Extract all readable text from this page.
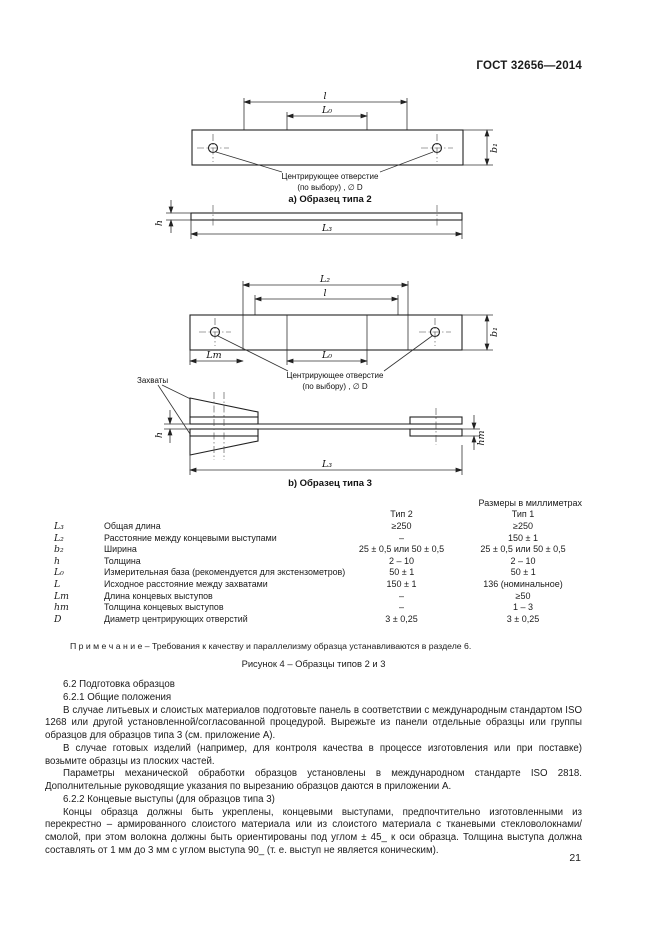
ГОСТ 32656—2014
l
L₀
b₁
Центрирующее отверстие
(по выбору) , ∅ D
а) Образец типа 2
h	L₃
L₂
l
Lт	L₀
b₁
Центрирующее отверстие
(по выбору) , ∅ D
Захваты
h	hт
L₃
b) Образец типа 3
Размеры в миллиметрах
Тип 2	Тип 1
L₃	Общая длина	≥250	≥250
L₂	Расстояние между концевыми выступами	–	150 ± 1
b₂	Ширина	25 ± 0,5 или 50 ± 0,5	25 ± 0,5 или 50 ± 0,5
h	Толщина	2 – 10	2 – 10
L₀	Измерительная база (рекомендуется для экстензометров)	50 ± 1	50 ± 1
L	Исходное расстояние между захватами	150 ± 1	136 (номинальное)
Lт	Длина концевых выступов	–	≥50
hт	Толщина концевых выступов	–	1 – 3
D	Диаметр центрирующих отверстий	3 ± 0,25	3 ± 0,25
П р и м е ч а н и е – Требования к качеству и параллелизму образца устанавливаются в разделе 6.
Рисунок 4 – Образцы типов 2 и 3

6.2 Подготовка образцов

6.2.1 Общие положения

В случае литьевых и слоистых материалов подготовьте панель в соответствии с международным стандартом ISO 1268 или другой установленной/согласованной процедурой. Вырежьте из панели отдельные образцы или группы образцов для образцов типа 3 (см. приложение А).

В случае готовых изделий (например, для контроля качества в процессе изготовления или при поставке) возьмите образцы из плоских частей.

Параметры механической обработки образцов установлены в международном стандарте ISO 2818. Дополнительные руководящие указания по вырезанию образцов даются в приложении А.

6.2.2 Концевые выступы (для образцов типа 3)

Концы образца должны быть укреплены, концевыми выступами, предпочтительно изготовленными из перекрестно – армированного слоистого материала или из слоистого материала с тканевыми стекловолокнами/смолой, при этом волокна должны быть ориентированы под углом ± 45_ к оси образца. Толщина выступа должна составлять от 1 мм до 3 мм с углом выступа 90_ (т. е. выступ не является коническим).

21
